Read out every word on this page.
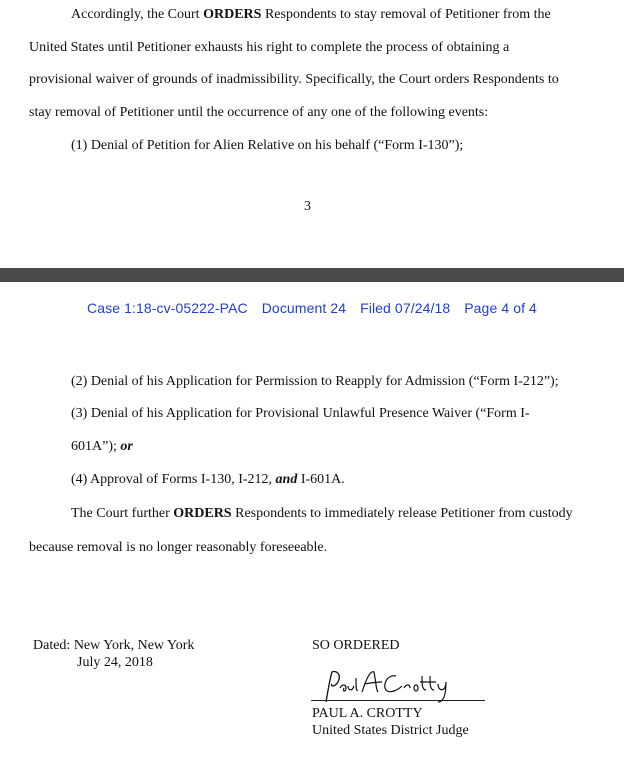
Accordingly, the Court ORDERS Respondents to stay removal of Petitioner from the
United States until Petitioner exhausts his right to complete the process of obtaining a
provisional waiver of grounds of inadmissibility. Specifically, the Court orders Respondents to
stay removal of Petitioner until the occurrence of any one of the following events:
(1) Denial of Petition for Alien Relative on his behalf (“Form I-130”);
3
Case 1:18-cv-05222-PAC Document 24 Filed 07/24/18 Page 4 of 4
(2) Denial of his Application for Permission to Reapply for Admission (“Form I-212”);
(3) Denial of his Application for Provisional Unlawful Presence Waiver (“Form I-
601A”); or
(4) Approval of Forms I-130, I-212, and I-601A.
The Court further ORDERS Respondents to immediately release Petitioner from custody
because removal is no longer reasonably foreseeable.
Dated: New York, New York
July 24, 2018
SO ORDERED
PAUL A. CROTTY
United States District Judge
